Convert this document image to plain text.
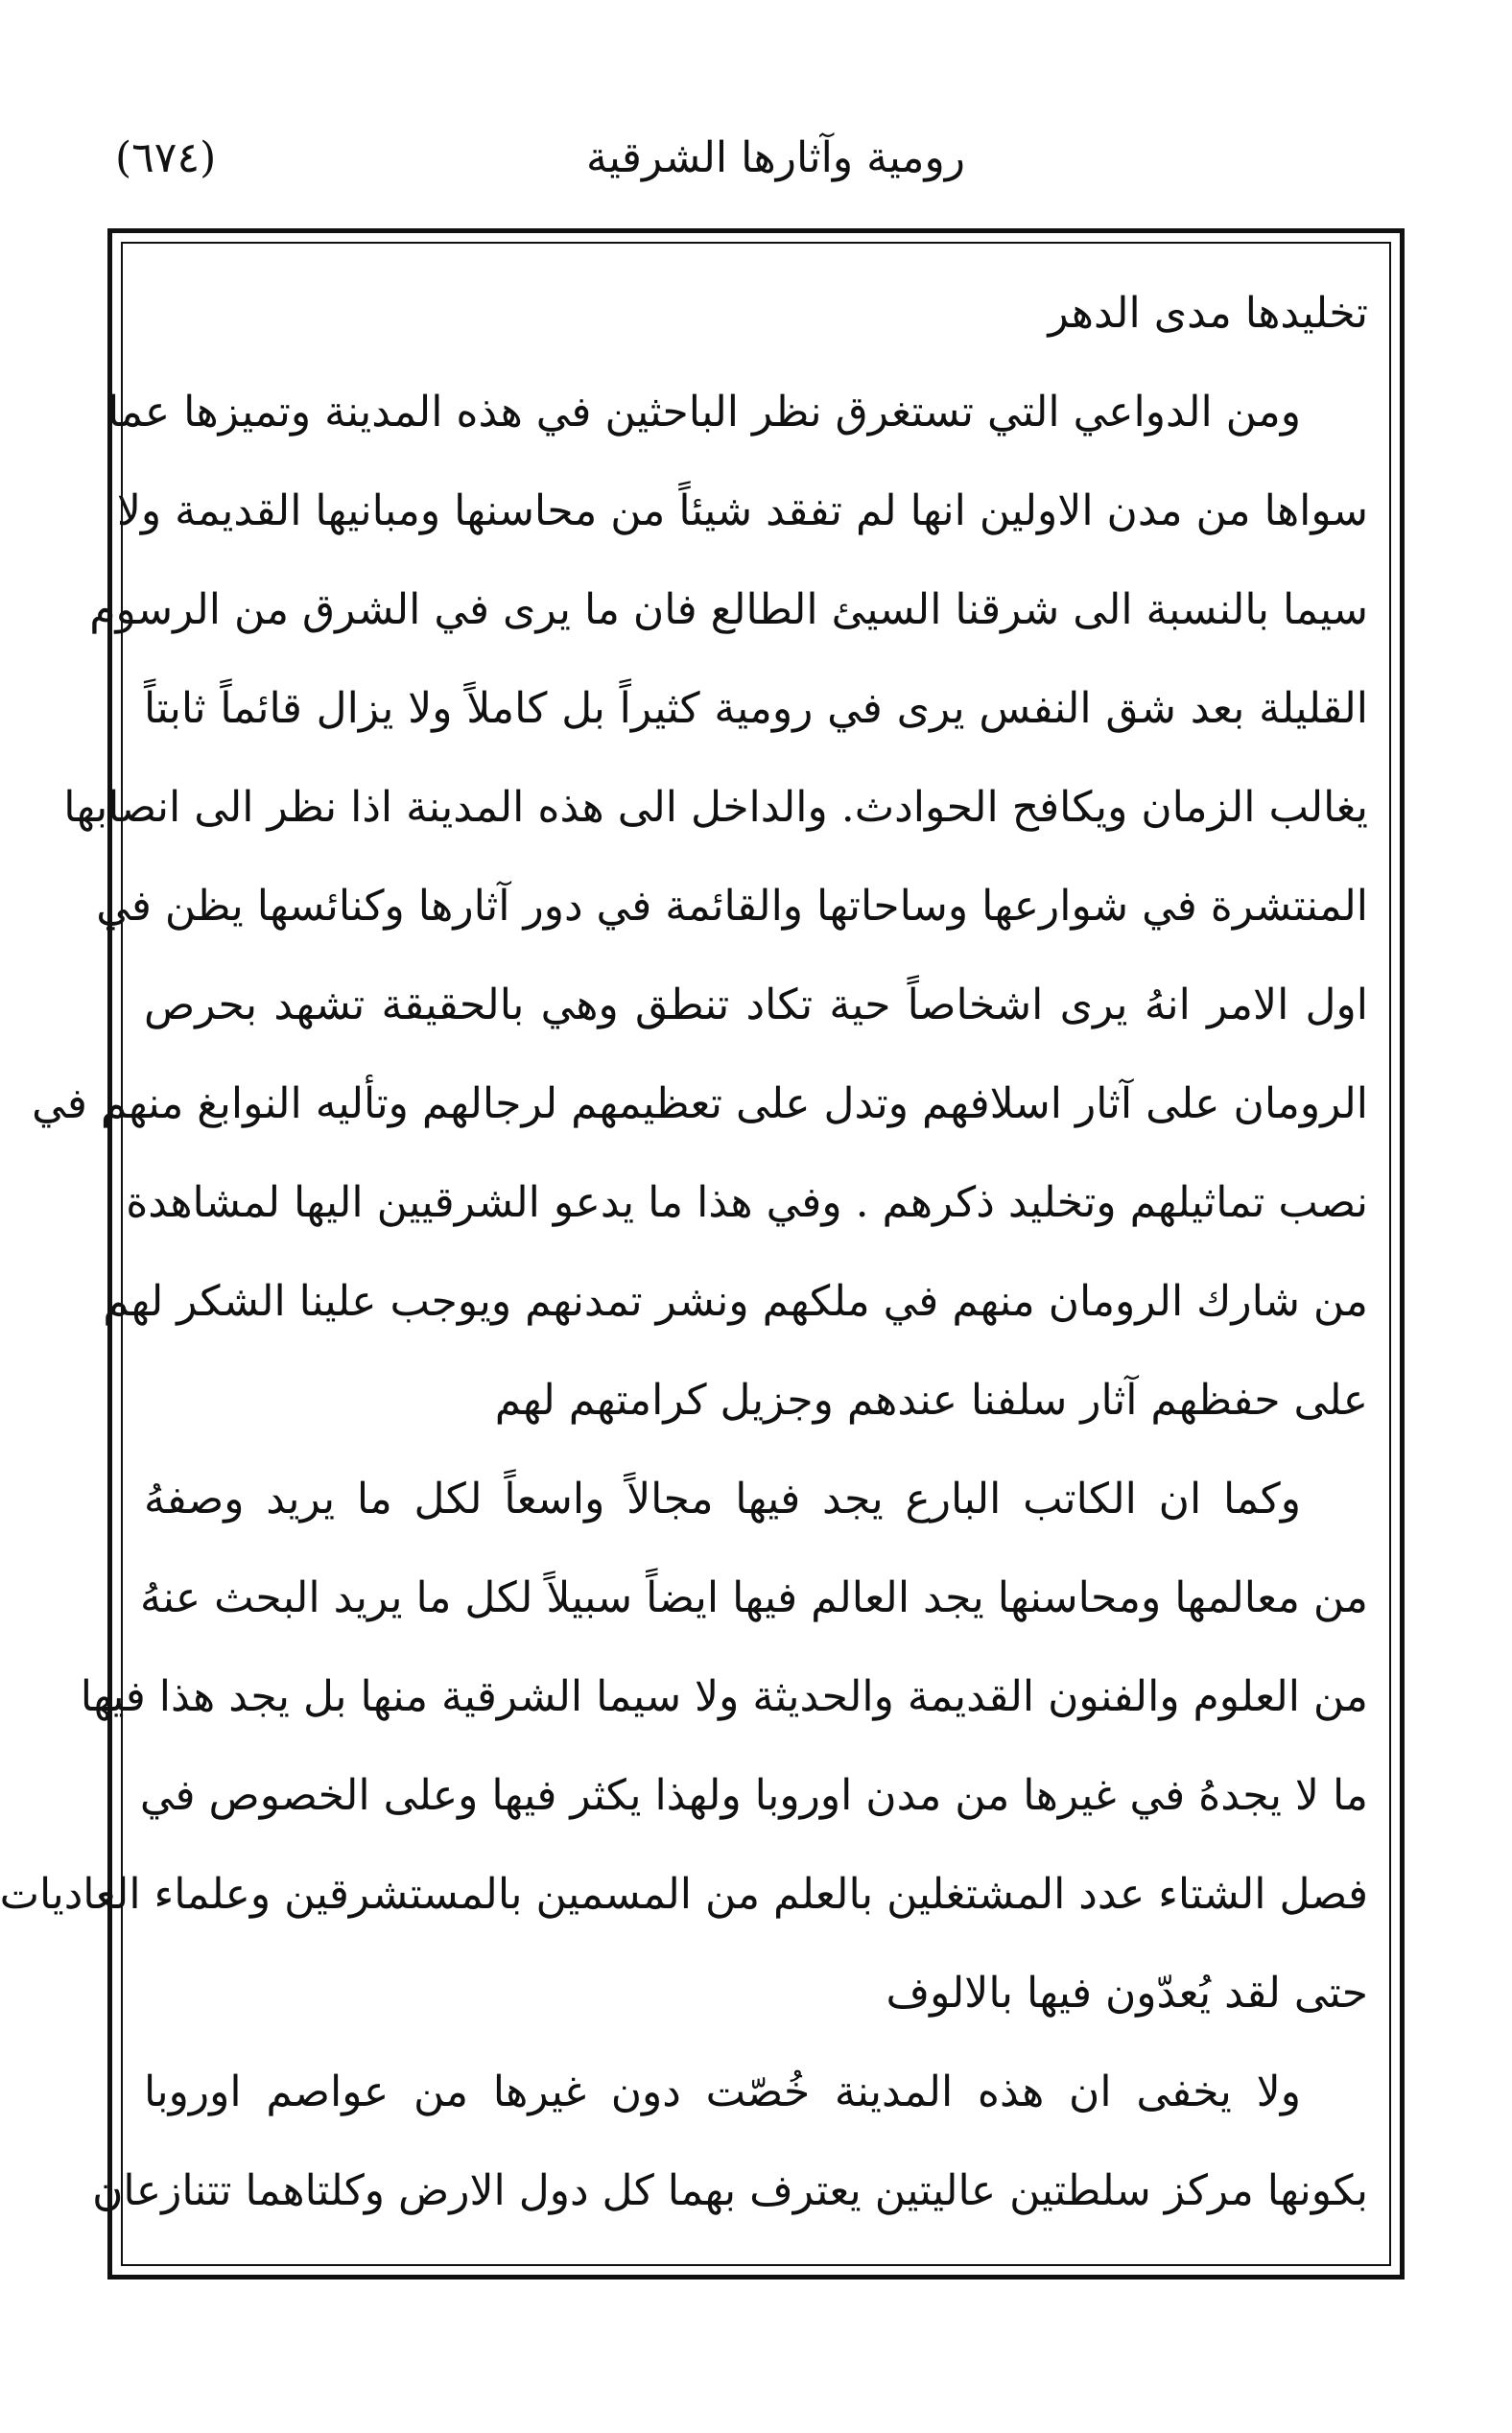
رومية وآثارها الشرقية
(٦٧٤)
تخليدها مدى الدهر
ومن الدواعي التي تستغرق نظر الباحثين في هذه المدينة وتميزها عما
سواها من مدن الاولين انها لم تفقد شيئاً من محاسنها ومبانيها القديمة ولا
سيما بالنسبة الى شرقنا السيئ الطالع فان ما يرى في الشرق من الرسوم
القليلة بعد شق النفس يرى في رومية كثيراً بل كاملاً ولا يزال قائماً ثابتاً
يغالب الزمان ويكافح الحوادث. والداخل الى هذه المدينة اذا نظر الى انصابها
المنتشرة في شوارعها وساحاتها والقائمة في دور آثارها وكنائسها يظن في
اول الامر انهُ يرى اشخاصاً حية تكاد تنطق وهي بالحقيقة تشهد بحرص
الرومان على آثار اسلافهم وتدل على تعظيمهم لرجالهم وتأليه النوابغ منهم في
نصب تماثيلهم وتخليد ذكرهم . وفي هذا ما يدعو الشرقيين اليها لمشاهدة
من شارك الرومان منهم في ملكهم ونشر تمدنهم ويوجب علينا الشكر لهم
على حفظهم آثار سلفنا عندهم وجزيل كرامتهم لهم
وكما ان الكاتب البارع يجد فيها مجالاً واسعاً لكل ما يريد وصفهُ
من معالمها ومحاسنها يجد العالم فيها ايضاً سبيلاً لكل ما يريد البحث عنهُ
من العلوم والفنون القديمة والحديثة ولا سيما الشرقية منها بل يجد هذا فيها
ما لا يجدهُ في غيرها من مدن اوروبا ولهذا يكثر فيها وعلى الخصوص في
فصل الشتاء عدد المشتغلين بالعلم من المسمين بالمستشرقين وعلماء العاديات
حتى لقد يُعدّون فيها بالالوف
ولا يخفى ان هذه المدينة خُصّت دون غيرها من عواصم اوروبا
بكونها مركز سلطتين عاليتين يعترف بهما كل دول الارض وكلتاهما تتنازعان
